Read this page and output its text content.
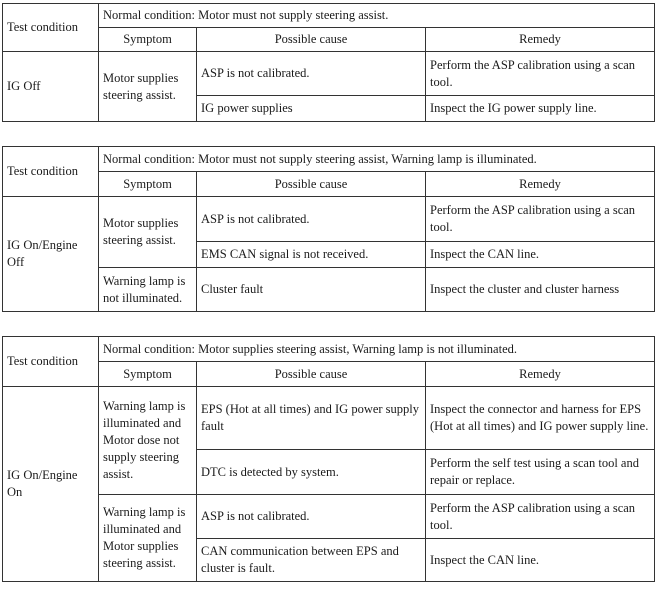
Test condition	Normal condition: Motor must not supply steering assist.		
	Symptom	Possible cause	Remedy
IG Off	Motor supplies steering assist.	ASP is not calibrated.	Perform the ASP calibration using a scan tool.
		IG power supplies	Inspect the IG power supply line.
Test condition	Normal condition: Motor must not supply steering assist, Warning lamp is illuminated.		
	Symptom	Possible cause	Remedy
IG On/Engine Off	Motor supplies steering assist.	ASP is not calibrated.	Perform the ASP calibration using a scan tool.
		EMS CAN signal is not received.	Inspect the CAN line.
	Warning lamp is not illuminated.	Cluster fault	Inspect the cluster and cluster harness
Test condition	Normal condition: Motor supplies steering assist, Warning lamp is not illuminated.		
	Symptom	Possible cause	Remedy
IG On/Engine On	Warning lamp is illuminated and Motor dose not supply steering assist.	EPS (Hot at all times) and IG power supply fault	Inspect the connector and harness for EPS (Hot at all times) and IG power supply line.
		DTC is detected by system.	Perform the self test using a scan tool and repair or replace.
	Warning lamp is illuminated and Motor supplies steering assist.	ASP is not calibrated.	Perform the ASP calibration using a scan tool.
		CAN communication between EPS and cluster is fault.	Inspect the CAN line.
